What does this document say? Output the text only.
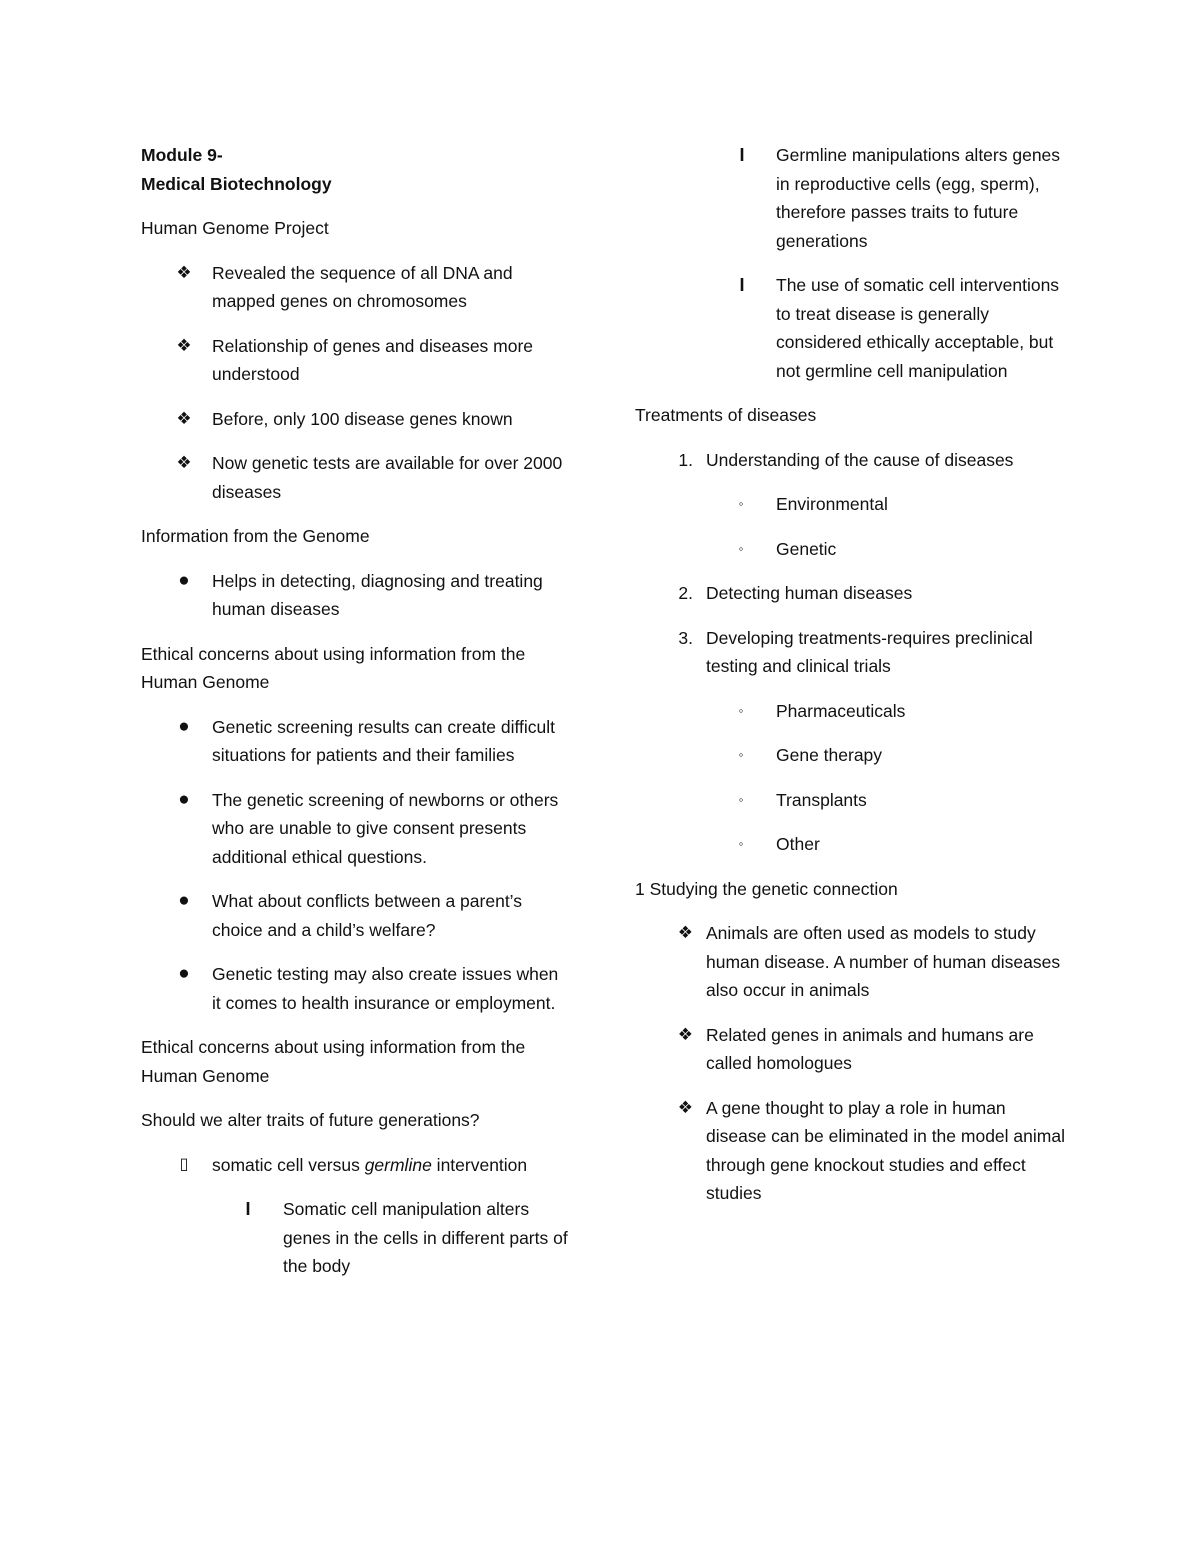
Module 9-

Medical Biotechnology

Human Genome Project

❖	Revealed the sequence of all DNA and mapped genes on chromosomes
❖	Relationship of genes and diseases more understood
❖	Before, only 100 disease genes known
❖	Now genetic tests are available for over 2000 diseases

Information from the Genome

●	Helps in detecting, diagnosing and treating human diseases

Ethical concerns about using information from the Human Genome

●	Genetic screening results can create difficult situations for patients and their families
●	The genetic screening of newborns or others who are unable to give consent presents additional ethical questions.
●	What about conflicts between a parent’s choice and a child’s welfare?
●	Genetic testing may also create issues when it comes to health insurance or employment.

Ethical concerns about using information from the Human Genome

Should we alter traits of future generations?

▯	somatic cell versus germline intervention
I	Somatic cell manipulation alters genes in the cells in different parts of the body
I	Germline manipulations alters genes in reproductive cells (egg, sperm), therefore passes traits to future generations
I	The use of somatic cell interventions to treat disease is generally considered ethically acceptable, but not germline cell manipulation

Treatments of diseases

1. Understanding of the cause of diseases
◦	Environmental
◦	Genetic
2. Detecting human diseases
3. Developing treatments-requires preclinical testing and clinical trials
◦	Pharmaceuticals
◦	Gene therapy
◦	Transplants
◦	Other

1 Studying the genetic connection

❖ Animals are often used as models to study human disease. A number of human diseases also occur in animals
❖ Related genes in animals and humans are called homologues
❖ A gene thought to play a role in human disease can be eliminated in the model animal through gene knockout studies and effect studies
